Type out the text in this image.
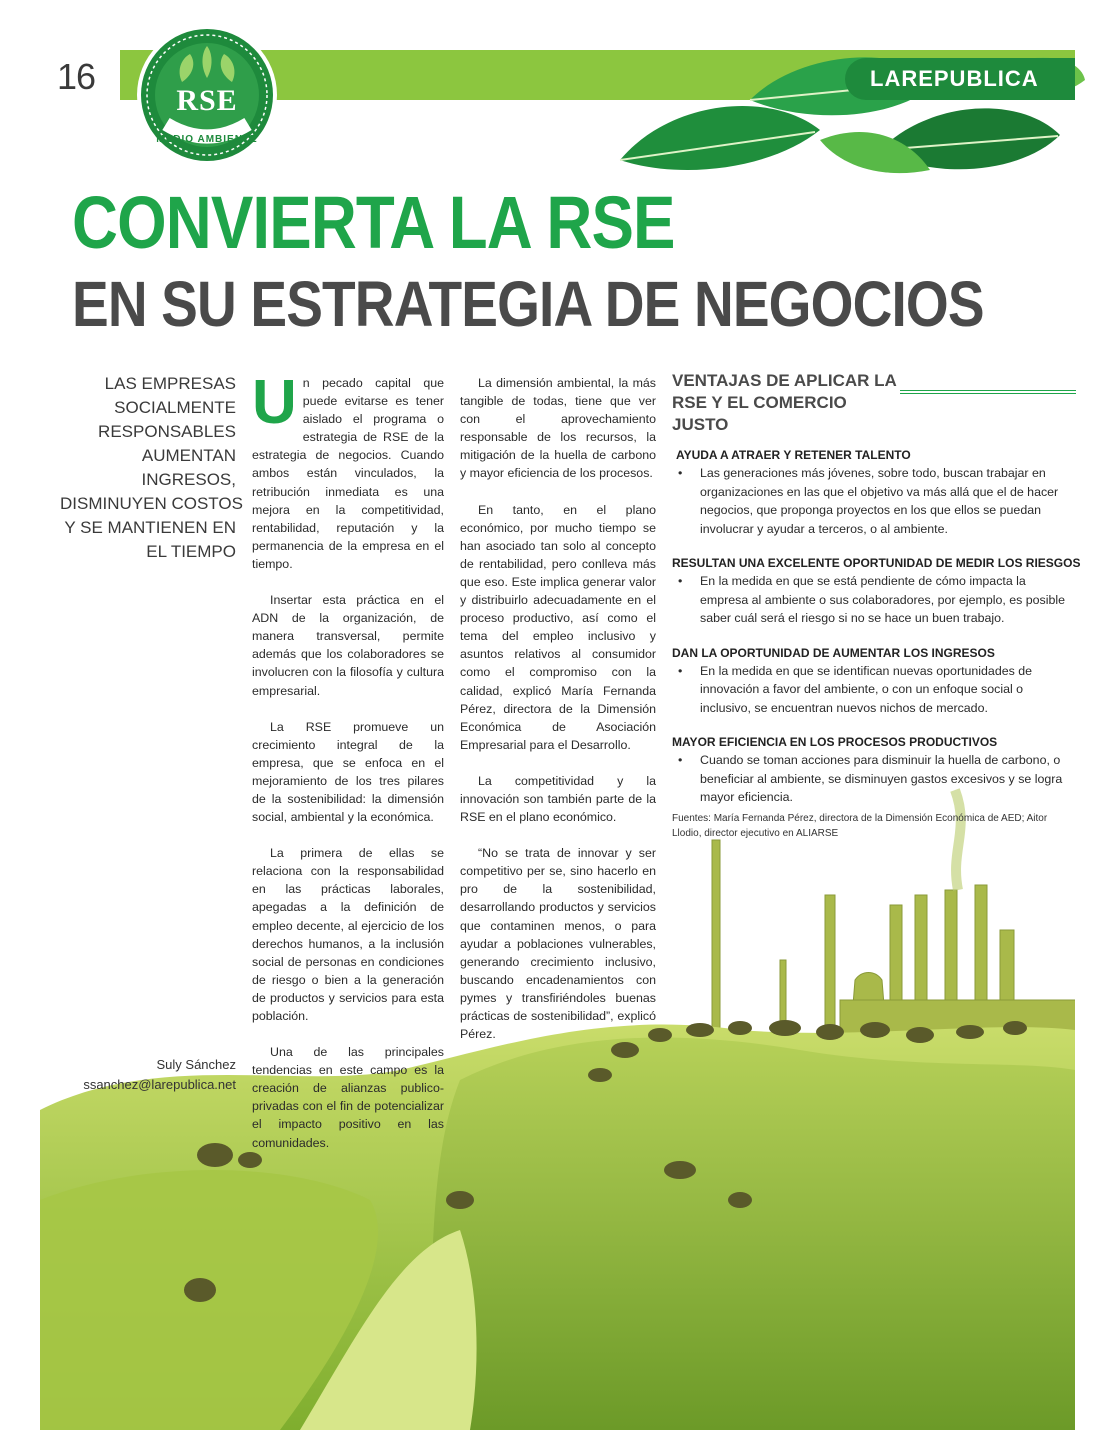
LAREPUBLICA
16
RSE
MEDIO AMBIENTE
CONVIERTA LA RSE
EN SU ESTRATEGIA DE NEGOCIOS
LAS EMPRESAS
SOCIALMENTE
RESPONSABLES
AUMENTAN
INGRESOS,
DISMINUYEN COSTOS
Y SE MANTIENEN EN
EL TIEMPO
Suly Sánchez
ssanchez@larepublica.net

Un pecado capital que puede evitarse es tener aislado el programa o estrategia de RSE de la estrategia de negocios. Cuando ambos están vinculados, la retribución inmediata es una mejora en la competitividad, rentabilidad, reputación y la permanencia de la empresa en el tiempo.

Insertar esta práctica en el ADN de la organización, de manera transversal, permite además que los colaboradores se involucren con la filosofía y cultura empresarial.

La RSE promueve un crecimiento integral de la empresa, que se enfoca en el mejoramiento de los tres pilares de la sostenibilidad: la dimensión social, ambiental y la económica.

La primera de ellas se relaciona con la responsabilidad en las prácticas laborales, apegadas a la definición de empleo decente, al ejercicio de los derechos humanos, a la inclusión social de personas en condiciones de riesgo o bien a la generación de productos y servicios para esta población.

Una de las principales tendencias en este campo es la creación de alianzas publico-privadas con el fin de potencializar el impacto positivo en las comunidades.

La dimensión ambiental, la más tangible de todas, tiene que ver con el aprovechamiento responsable de los recursos, la mitigación de la huella de carbono y mayor eficiencia de los procesos.

En tanto, en el plano económico, por mucho tiempo se han asociado tan solo al concepto de rentabilidad, pero conlleva más que eso. Este implica generar valor y distribuirlo adecuadamente en el proceso productivo, así como el tema del empleo inclusivo y asuntos relativos al consumidor como el compromiso con la calidad, explicó María Fernanda Pérez, directora de la Dimensión Económica de Asociación Empresarial para el Desarrollo.

La competitividad y la innovación son también parte de la RSE en el plano económico.

“No se trata de innovar y ser competitivo per se, sino hacerlo en pro de la sostenibilidad, desarrollando productos y servicios que contaminen menos, o para ayudar a poblaciones vulnerables, generando crecimiento inclusivo, buscando encadenamientos con pymes y transfiriéndoles buenas prácticas de sostenibilidad”, explicó Pérez.

VENTAJAS DE APLICAR LA RSE Y EL COMERCIO JUSTO
AYUDA A ATRAER Y RETENER TALENTO
• Las generaciones más jóvenes, sobre todo, buscan trabajar en organizaciones en las que el objetivo va más allá que el de hacer negocios, que proponga proyectos en los que ellos se puedan involucrar y ayudar a terceros, o al ambiente.
RESULTAN UNA EXCELENTE OPORTUNIDAD DE MEDIR LOS RIESGOS
• En la medida en que se está pendiente de cómo impacta la empresa al ambiente o sus colaboradores, por ejemplo, es posible saber cuál será el riesgo si no se hace un buen trabajo.
DAN LA OPORTUNIDAD DE AUMENTAR LOS INGRESOS
• En la medida en que se identifican nuevas oportunidades de innovación a favor del ambiente, o con un enfoque social o inclusivo, se encuentran nuevos nichos de mercado.
MAYOR EFICIENCIA EN LOS PROCESOS PRODUCTIVOS
• Cuando se toman acciones para disminuir la huella de carbono, o beneficiar al ambiente, se disminuyen gastos excesivos y se logra mayor eficiencia.
Fuentes: María Fernanda Pérez, directora de la Dimensión Económica de AED; Aitor Llodio, director ejecutivo en ALIARSE
